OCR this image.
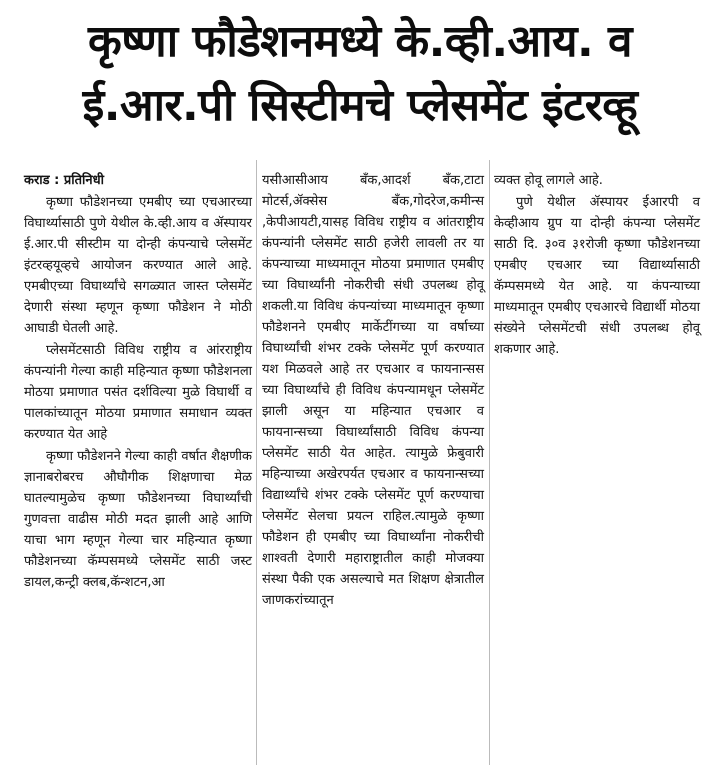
कृष्णा फौडेशनमध्ये के.व्ही.आय. व
ई.आर.पी सिस्टीमचे प्लेसमेंट इंटरव्हू

कराड : प्रतिनिधी

कृष्णा फौडेशनच्या एमबीए च्या एचआरच्या विघार्थ्यासाठी पुणे येथील के.व्ही.आय व ॲस्पायर ई.आर.पी सीस्टीम या दोन्ही कंपन्याचे प्लेसमेंट इंटरव्हयूव्हचे आयोजन करण्यात आले आहे. एमबीएच्या विघार्थ्यांचे सगळ्यात जास्त प्लेसमेंट देणारी संस्था म्हणून कृष्णा फौडेशन ने मोठी आघाडी घेतली आहे.

प्लेसमेंटसाठी विविध राष्ट्रीय व आंरराष्ट्रीय कंपन्यांनी गेल्या काही महिन्यात कृष्णा फौडेशनला मोठया प्रमाणात पसंत दर्शविल्या मुळे विघार्थी व पालकांच्यातून मोठया प्रमाणात समाधान व्यक्त करण्यात येत आहे

कृष्णा फौडेशनने गेल्या काही वर्षात शैक्षणीक ज्ञानाबरोबरच औघौगीक शिक्षणाचा मेळ घातल्यामुळेच कृष्णा फौडेशनच्या विघार्थ्यांची गुणवत्ता वाढीस मोठी मदत झाली आहे आणि याचा भाग म्हणून गेल्या चार महिन्यात कृष्णा फौडेशनच्या कॅम्पसमध्ये प्लेसमेंट साठी जस्ट डायल,कन्ट्री क्लब,कॅन्शटन,आ

यसीआसीआय बँक,आदर्श बँक,टाटा मोटर्स,ॲक्सेस बँक,गोदरेज,कमीन्स ,केपीआयटी,यासह विविध राष्ट्रीय व आंतराष्ट्रीय कंपन्यांनी प्लेसमेंट साठी हजेरी लावली तर या कंपन्याच्या माध्यमातून मोठया प्रमाणात एमबीए च्या विघार्थ्यांनी नोकरीची संधी उपलब्ध होवू शकली.या विविध कंपन्यांच्या माध्यमातून कृष्णा फौडेशनने एमबीए मार्केटींगच्या या वर्षाच्या विघार्थ्यांची शंभर टक्के प्लेसमेंट पूर्ण करण्यात यश मिळवले आहे तर एचआर व फायनान्सस च्या विघार्थ्यांचे ही विविध कंपन्यामधून प्लेसमेंट झाली असून या महिन्यात एचआर व फायनान्सच्या विघार्थ्यांसाठी विविध कंपन्या प्लेसमेंट साठी येत आहेत. त्यामुळे फ्रेबुवारी महिन्याच्या अखेरपर्यत एचआर व फायनान्सच्या विद्यार्थ्यांचे शंभर टक्के प्लेसमेंट पूर्ण करण्याचा प्लेसमेंट सेलचा प्रयत्न राहिल.त्यामुळे कृष्णा फौडेशन ही एमबीए च्या विघार्थ्यांना नोकरीची शाश्वती देणारी महाराष्ट्रातील काही मोजक्या संस्था पैकी एक असल्याचे मत शिक्षण क्षेत्रातील जाणकरांच्यातून

व्यक्त होवू लागले आहे.

पुणे येथील ॲस्पायर ईआरपी व केव्हीआय ग्रुप या दोन्ही कंपन्या प्लेसमेंट साठी दि. ३०व ३१रोजी कृष्णा फौडेशनच्या एमबीए एचआर च्या विद्यार्थ्यासाठी कॅम्पसमध्ये येत आहे. या कंपन्याच्या माध्यमातून एमबीए एचआरचे विद्यार्थी मोठया संख्येने प्लेसमेंटची संधी उपलब्ध होवू शकणार आहे.
